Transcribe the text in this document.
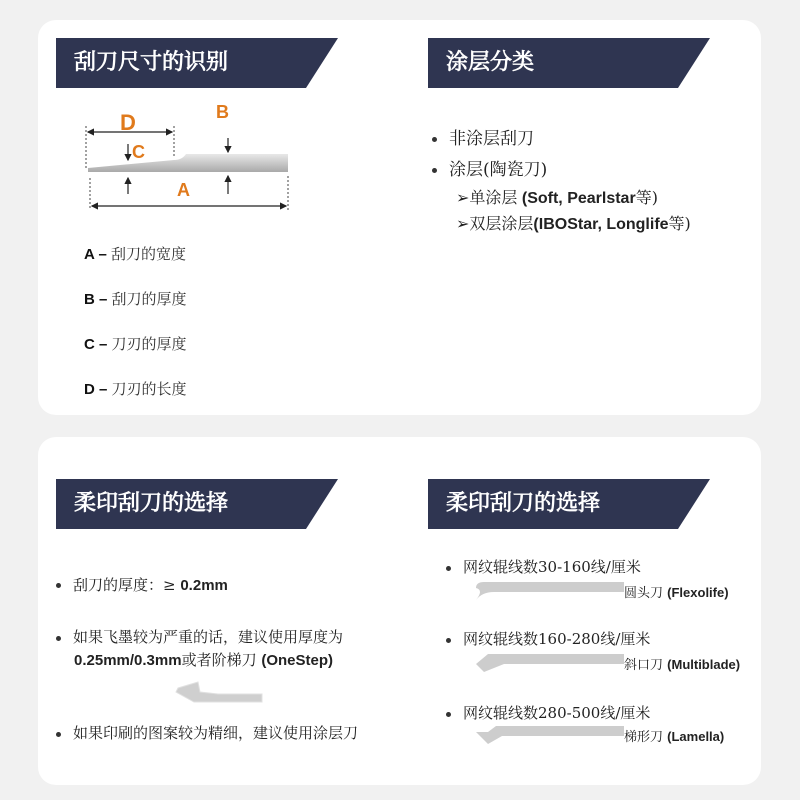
刮刀尺寸的识别
D
C
B
A
A – 刮刀的宽度
B – 刮刀的厚度
C – 刀刃的厚度
D – 刀刃的长度
涂层分类
非涂层刮刀
涂层(陶瓷刀)
➢单涂层 (Soft, Pearlstar等)
➢双层涂层(IBOStar, Longlife等)
柔印刮刀的选择
刮刀的厚度：≥ 0.2mm
如果飞墨较为严重的话，建议使用厚度为
0.25mm/0.3mm或者阶梯刀 (OneStep)
如果印刷的图案较为精细，建议使用涂层刀
柔印刮刀的选择
网纹辊线数30-160线/厘米
圆头刀 (Flexolife)
网纹辊线数160-280线/厘米
斜口刀 (Multiblade)
网纹辊线数280-500线/厘米
梯形刀 (Lamella)
